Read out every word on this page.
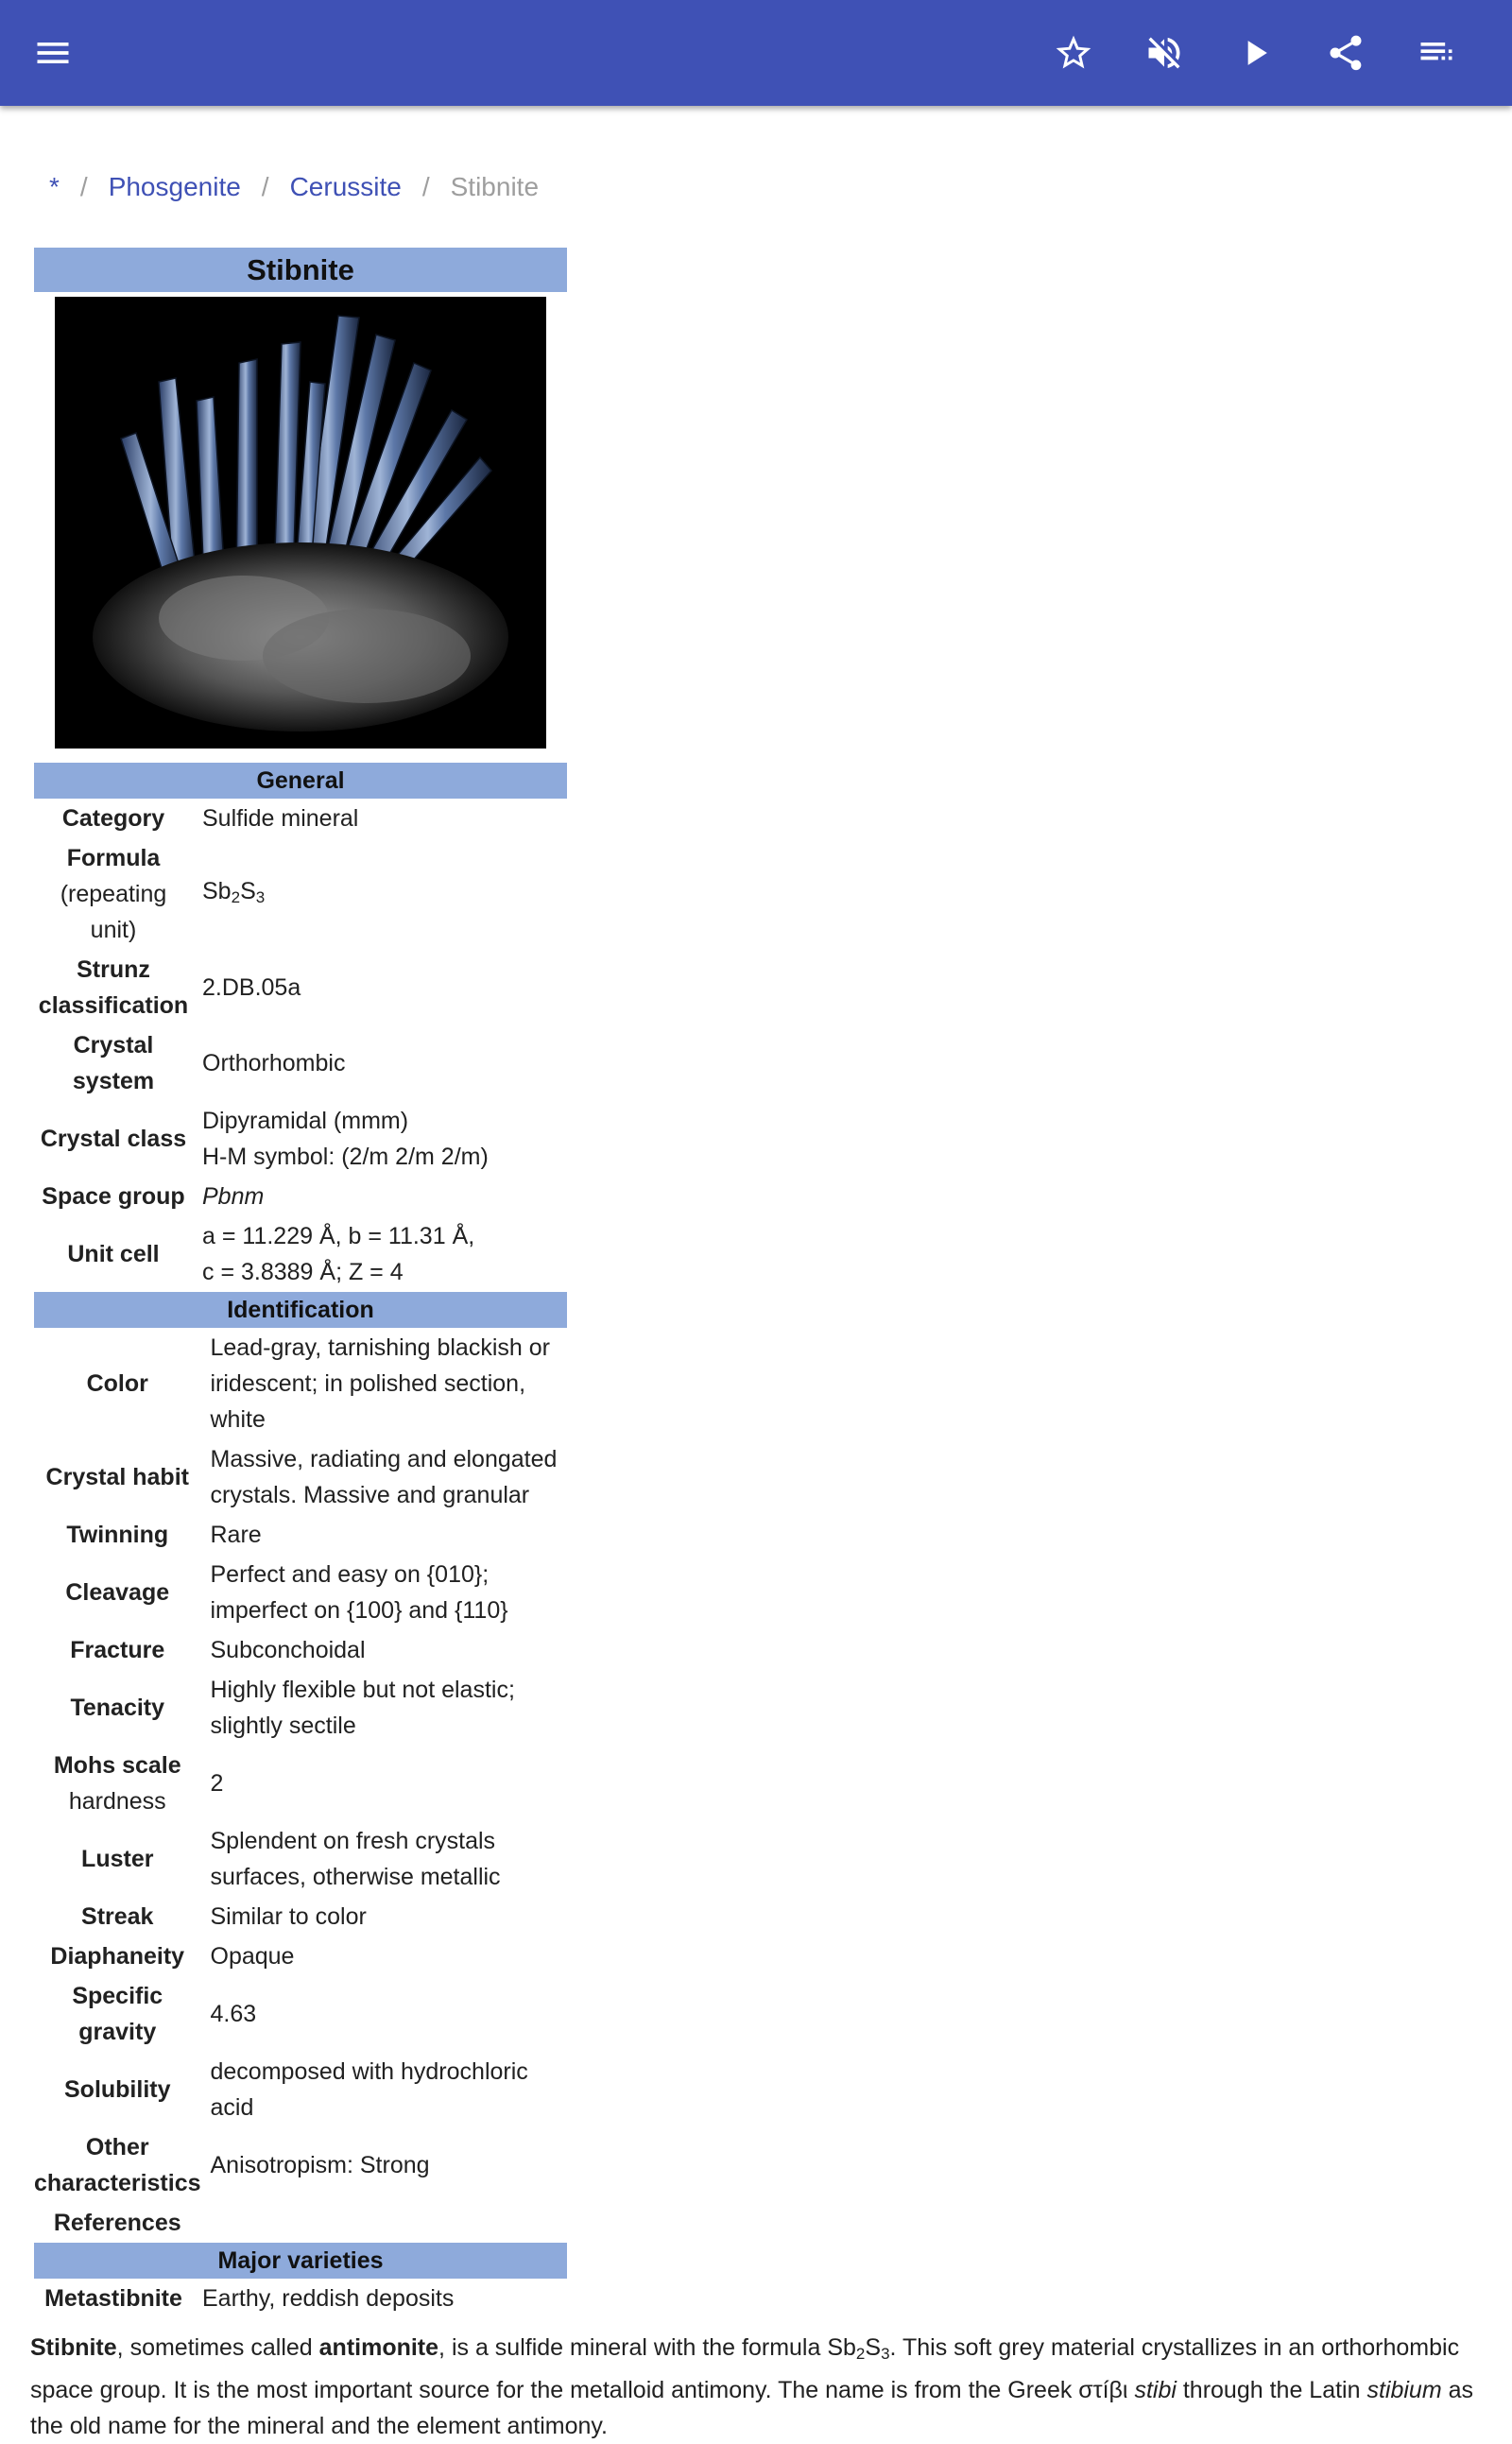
* / Phosgenite / Cerussite / Stibnite
Stibnite
General
Category	Sulfide mineral
Formula
(repeating unit)	$Sb_2S_3$
Strunz classification	2.DB.05a
Crystal system	Orthorhombic
Crystal class	Dipyramidal (mmm)
H-M symbol: (2/m 2/m 2/m)
Space group	Pbnm
Unit cell	a = 11.229 Å, b = 11.31 Å,
c = 3.8389 Å; Z = 4
Identification
Color	Lead-gray, tarnishing blackish or iridescent; in polished section, white
Crystal habit	Massive, radiating and elongated crystals. Massive and granular
Twinning	Rare
Cleavage	Perfect and easy on {010}; imperfect on {100} and {110}
Fracture	Subconchoidal
Tenacity	Highly flexible but not elastic; slightly sectile
Mohs scale
hardness	2
Luster	Splendent on fresh crystals surfaces, otherwise metallic
Streak	Similar to color
Diaphaneity	Opaque
Specific gravity	4.63
Solubility	decomposed with hydrochloric acid
Other characteristics	Anisotropism: Strong
References	
Major varieties
Metastibnite	Earthy, reddish deposits

Stibnite, sometimes called antimonite, is a sulfide mineral with the formula $Sb_2S_3$. This soft grey material crystallizes in an orthorhombic space group. It is the most important source for the metalloid antimony. The name is from the Greek στíβι stibi through the Latin stibium as the old name for the mineral and the element antimony.
